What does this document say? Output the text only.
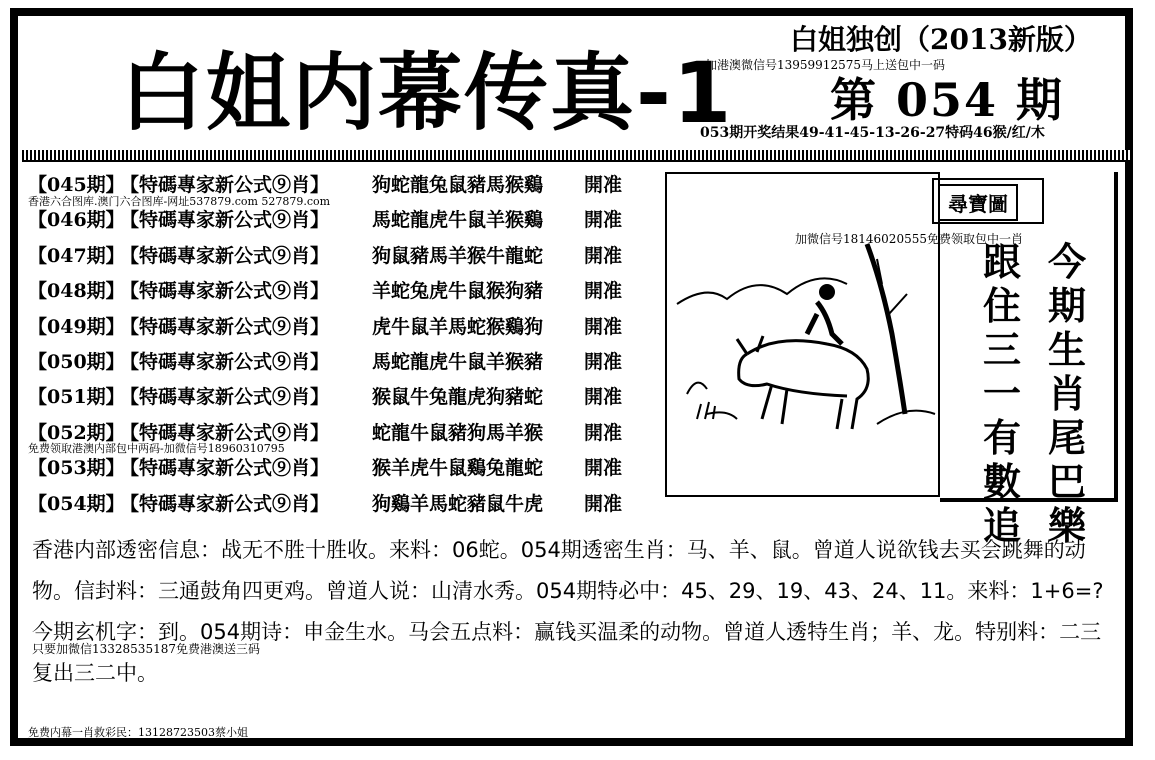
白姐内幕传真-1
白姐独创（2013新版）
加港澳微信号13959912575马上送包中一码
第 054 期
053期开奖结果49-41-45-13-26-27特码46猴/红/木
【045期】【特碼專家新公式⑨肖】 狗蛇龍兔鼠豬馬猴鷄 開准
香港六合图库.澳门六合图库-网址537879.com 527879.com
【046期】【特碼專家新公式⑨肖】 馬蛇龍虎牛鼠羊猴鷄 開准
【047期】【特碼專家新公式⑨肖】 狗鼠豬馬羊猴牛龍蛇 開准
【048期】【特碼專家新公式⑨肖】 羊蛇兔虎牛鼠猴狗豬 開准
免费领取港澳内部包中两码-加微信号18960310795
【049期】【特碼專家新公式⑨肖】 虎牛鼠羊馬蛇猴鷄狗 開准
【050期】【特碼專家新公式⑨肖】 馬蛇龍虎牛鼠羊猴豬 開准
【051期】【特碼專家新公式⑨肖】 猴鼠牛兔龍虎狗豬蛇 開准
【052期】【特碼專家新公式⑨肖】 蛇龍牛鼠豬狗馬羊猴 開准
免费内幕一肖救彩民：13128723503蔡小姐
【053期】【特碼專家新公式⑨肖】 猴羊虎牛鼠鷄兔龍蛇 開准
【054期】【特碼專家新公式⑨肖】 狗鷄羊馬蛇豬鼠牛虎 開准
尋寶圖
加微信号18146020555免费领取包中一肖
今期生肖尾巴樂
跟住三一有數追
香港内部透密信息：战无不胜十胜收。来料：06蛇。054期透密生肖：马、羊、鼠。曾道人说欲钱去买会跳舞的动物。信封料：三通鼓角四更鸡。曾道人说：山清水秀。054期特必中：45、29、19、43、24、11。来料：1+6=? 今期玄机字：到。054期诗：申金生水。马会五点料：赢钱买温柔的动物。曾道人透特生肖；羊、龙。特别料：二三复出三二中。
只要加微信13328535187免费港澳送三码
